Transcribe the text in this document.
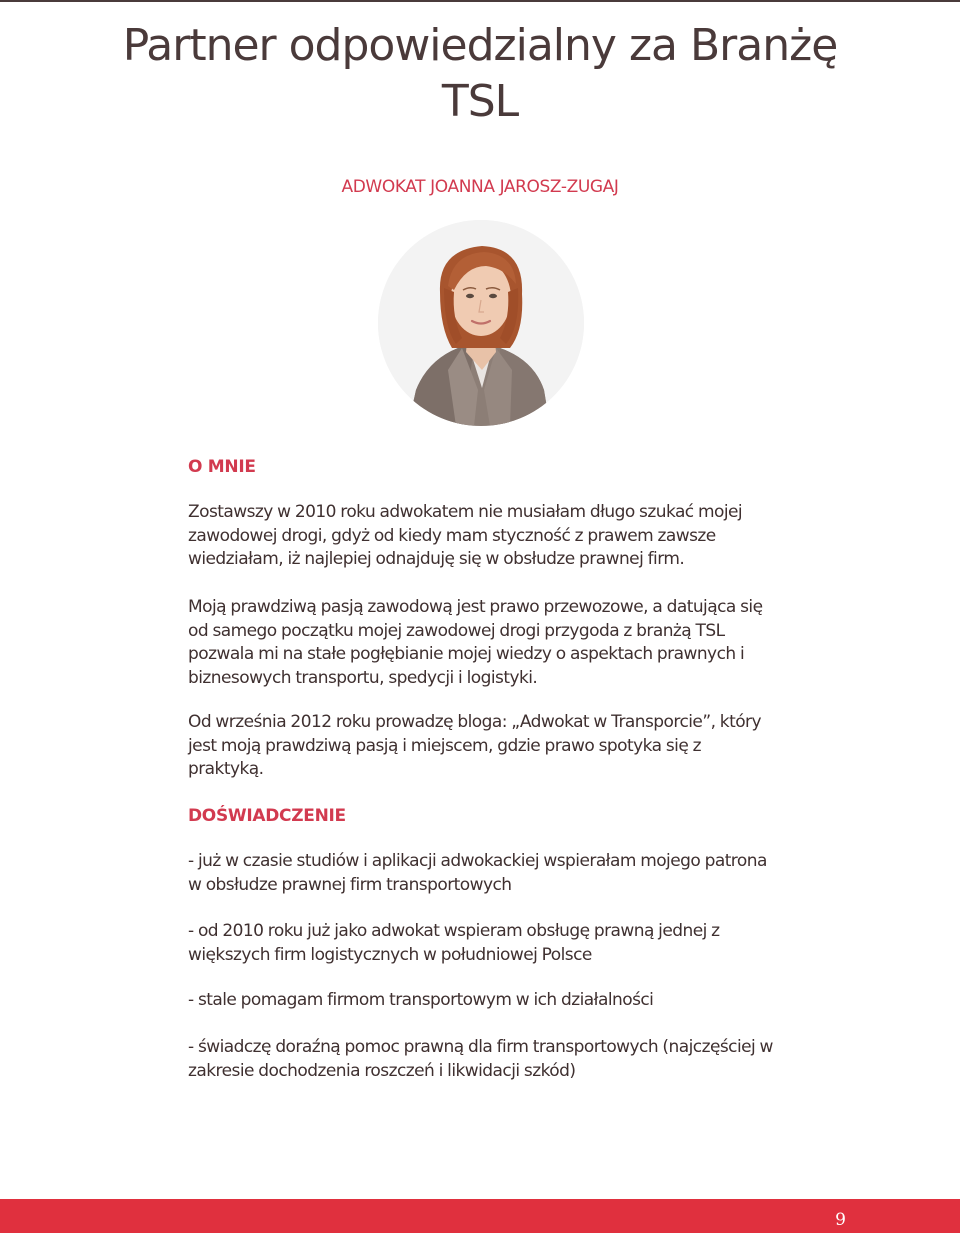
Partner odpowiedzialny za Branżę
TSL
ADWOKAT JOANNA JAROSZ-ZUGAJ
O MNIE

Zostawszy w 2010 roku adwokatem nie musiałam długo szukać mojej zawodowej drogi, gdyż od kiedy mam styczność z prawem zawsze wiedziałam, iż najlepiej odnajduję się w obsłudze prawnej firm.

Moją prawdziwą pasją zawodową jest prawo przewozowe, a datująca się od samego początku mojej zawodowej drogi przygoda z branżą TSL pozwala mi na stałe pogłębianie mojej wiedzy o aspektach prawnych i biznesowych transportu, spedycji i logistyki.

Od września 2012 roku prowadzę bloga: „Adwokat w Transporcie”, który jest moją prawdziwą pasją i miejscem, gdzie prawo spotyka się z praktyką.

DOŚWIADCZENIE

- już w czasie studiów i aplikacji adwokackiej wspierałam mojego patrona w obsłudze prawnej firm transportowych

- od 2010 roku już jako adwokat wspieram obsługę prawną jednej z większych firm logistycznych w południowej Polsce

- stale pomagam firmom transportowym w ich działalności

- świadczę doraźną pomoc prawną dla firm transportowych (najczęściej w zakresie dochodzenia roszczeń i likwidacji szkód)

9
